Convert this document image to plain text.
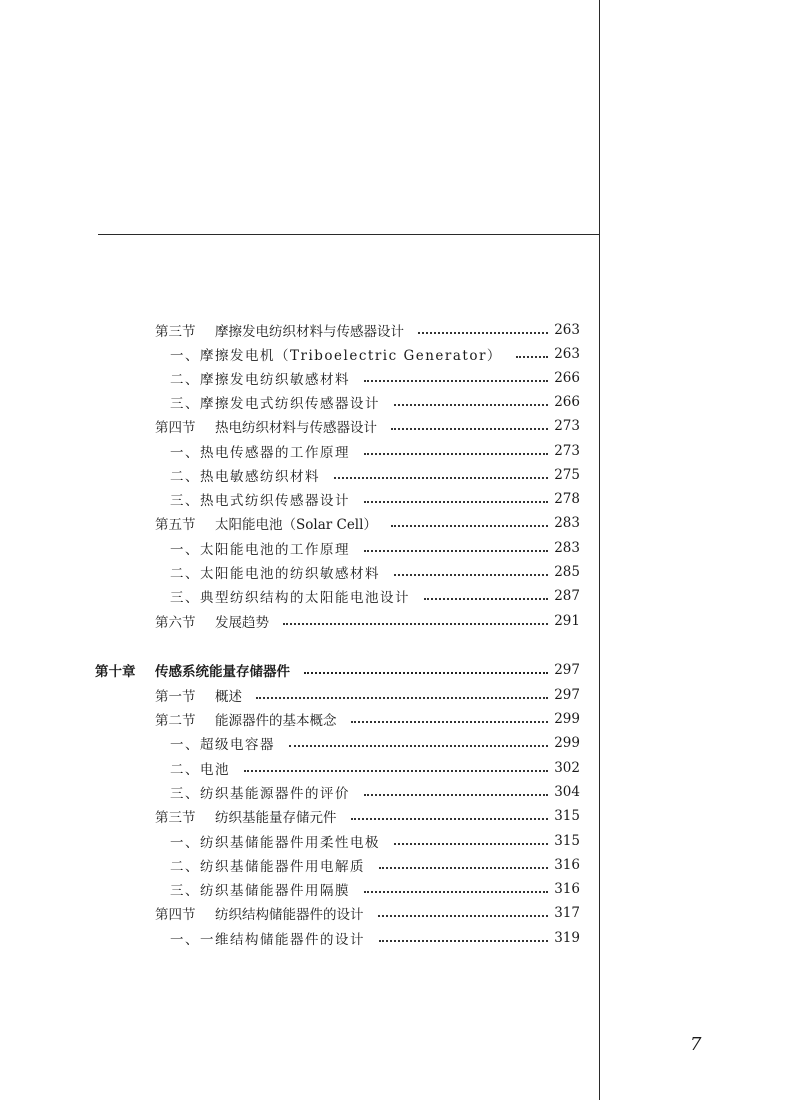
第三节 摩擦发电纺织材料与传感器设计	263
一、摩擦发电机（Triboelectric Generator）	263
二、摩擦发电纺织敏感材料	266
三、摩擦发电式纺织传感器设计	266
第四节 热电纺织材料与传感器设计	273
一、热电传感器的工作原理	273
二、热电敏感纺织材料	275
三、热电式纺织传感器设计	278
第五节 太阳能电池（Solar Cell）	283
一、太阳能电池的工作原理	283
二、太阳能电池的纺织敏感材料	285
三、典型纺织结构的太阳能电池设计	287
第六节 发展趋势	291
第十章 传感系统能量存储器件	297
第一节 概述	297
第二节 能源器件的基本概念	299
一、超级电容器	299
二、电池	302
三、纺织基能源器件的评价	304
第三节 纺织基能量存储元件	315
一、纺织基储能器件用柔性电极	315
二、纺织基储能器件用电解质	316
三、纺织基储能器件用隔膜	316
第四节 纺织结构储能器件的设计	317
一、一维结构储能器件的设计	319
7
